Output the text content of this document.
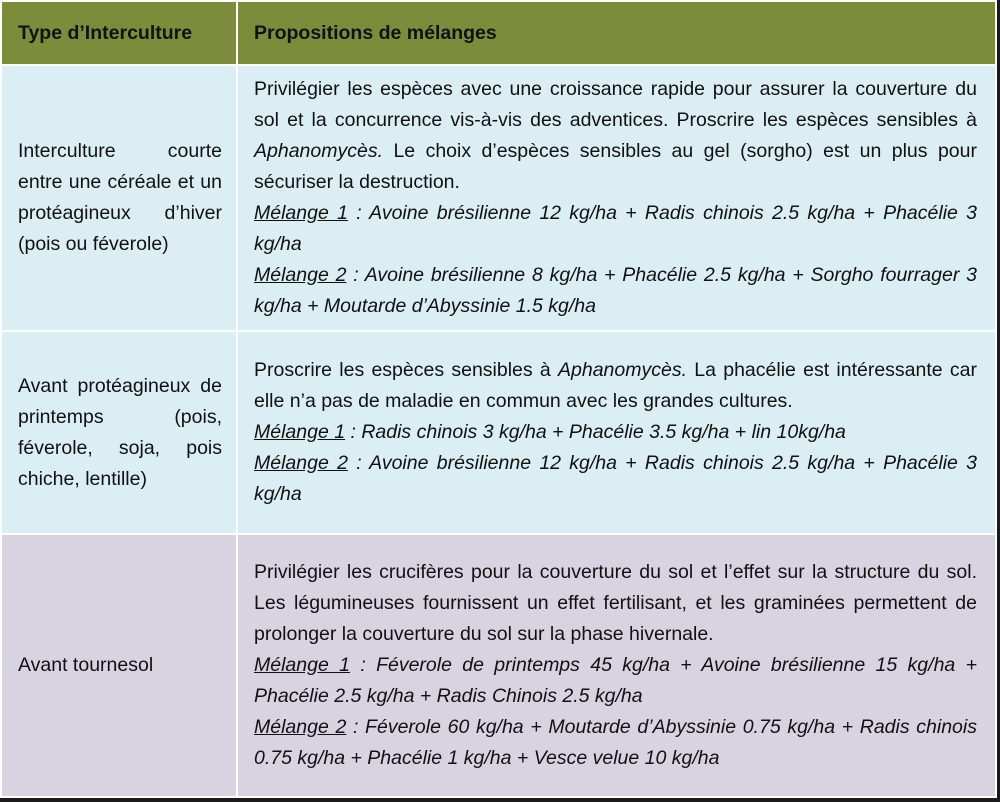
Type d’Interculture	Propositions de mélanges
Interculture courte entre une céréale et un protéagineux d’hiver (pois ou féverole)	Privilégier les espèces avec une croissance rapide pour assurer la couverture du sol et la concurrence vis-à-vis des adventices. Proscrire les espèces sensibles à Aphanomycès. Le choix d’espèces sensibles au gel (sorgho) est un plus pour sécuriser la destruction.
Mélange 1 : Avoine brésilienne 12 kg/ha + Radis chinois 2.5 kg/ha + Phacélie 3 kg/ha
Mélange 2 : Avoine brésilienne 8 kg/ha + Phacélie 2.5 kg/ha + Sorgho fourrager 3 kg/ha + Moutarde d’Abyssinie 1.5 kg/ha

Avant protéagineux de printemps (pois, féverole, soja, pois chiche, lentille)	Proscrire les espèces sensibles à Aphanomycès. La phacélie est intéressante car elle n’a pas de maladie en commun avec les grandes cultures.
Mélange 1 : Radis chinois 3 kg/ha + Phacélie 3.5 kg/ha + lin 10kg/ha
Mélange 2 : Avoine brésilienne 12 kg/ha + Radis chinois 2.5 kg/ha + Phacélie 3 kg/ha

Avant tournesol	Privilégier les crucifères pour la couverture du sol et l’effet sur la structure du sol. Les légumineuses fournissent un effet fertilisant, et les graminées permettent de prolonger la couverture du sol sur la phase hivernale.
Mélange 1 : Féverole de printemps 45 kg/ha + Avoine brésilienne 15 kg/ha + Phacélie 2.5 kg/ha + Radis Chinois 2.5 kg/ha
Mélange 2 : Féverole 60 kg/ha + Moutarde d’Abyssinie 0.75 kg/ha + Radis chinois 0.75 kg/ha + Phacélie 1 kg/ha + Vesce velue 10 kg/ha
